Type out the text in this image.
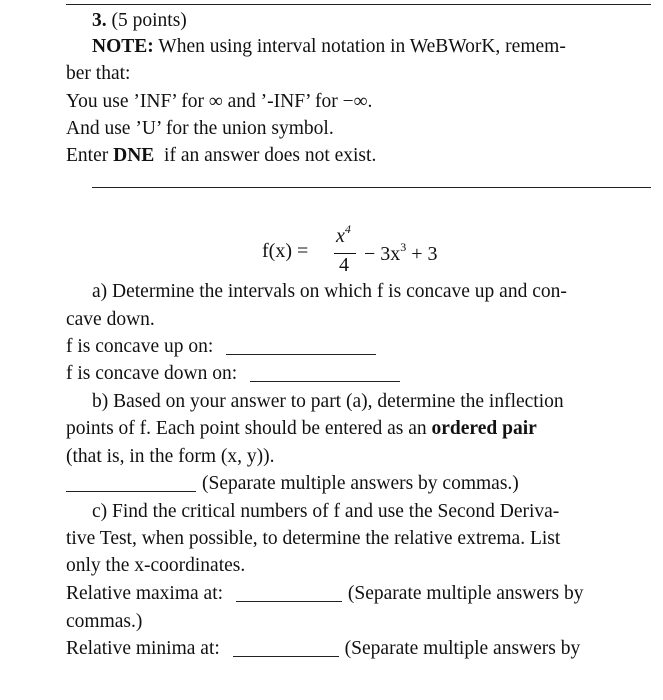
3. (5 points)
NOTE: When using interval notation in WeBWorK, remem-
ber that:
You use ’INF’ for ∞ and ’-INF’ for −∞.
And use ’U’ for the union symbol.
Enter DNE  if an answer does not exist.
f(x) =
$x^4$
$4 - 3x^3 + 3$
a) Determine the intervals on which f is concave up and con-
cave down.
f is concave up on:
f is concave down on:
b) Based on your answer to part (a), determine the inflection
points of f. Each point should be entered as an ordered pair
(that is, in the form (x, y)).
(Separate multiple answers by commas.)
c) Find the critical numbers of f and use the Second Deriva-
tive Test, when possible, to determine the relative extrema. List
only the x-coordinates.
Relative maxima at:	(Separate multiple answers by
commas.)
Relative minima at:	(Separate multiple answers by
